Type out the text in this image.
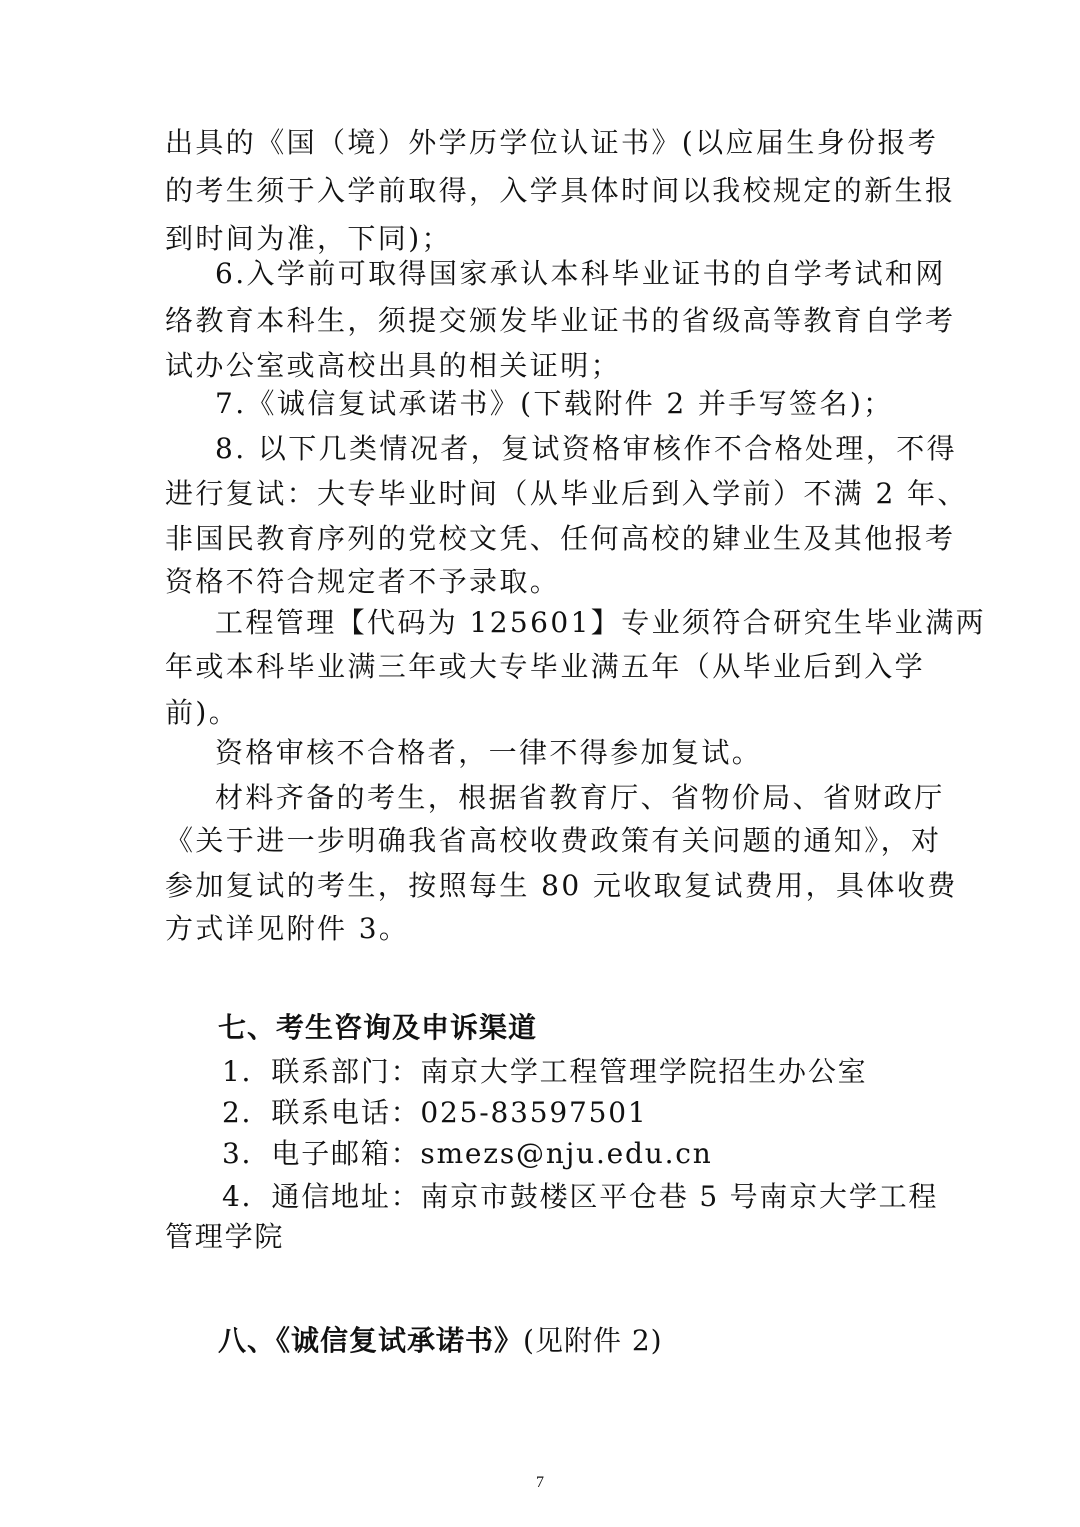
出具的《国（境）外学历学位认证书》(以应届生身份报考
的考生须于入学前取得，入学具体时间以我校规定的新生报
到时间为准，下同)；
6.入学前可取得国家承认本科毕业证书的自学考试和网
络教育本科生，须提交颁发毕业证书的省级高等教育自学考
试办公室或高校出具的相关证明；
7.《诚信复试承诺书》(下载附件 2 并手写签名)；
8. 以下几类情况者，复试资格审核作不合格处理，不得
进行复试：大专毕业时间（从毕业后到入学前）不满 2 年、
非国民教育序列的党校文凭、任何高校的肄业生及其他报考
资格不符合规定者不予录取。
工程管理【代码为 125601】专业须符合研究生毕业满两
年或本科毕业满三年或大专毕业满五年（从毕业后到入学
前)。
资格审核不合格者，一律不得参加复试。
材料齐备的考生，根据省教育厅、省物价局、省财政厅
《关于进一步明确我省高校收费政策有关问题的通知》，对
参加复试的考生，按照每生 80 元收取复试费用，具体收费
方式详见附件 3。
七、考生咨询及申诉渠道
1．联系部门：南京大学工程管理学院招生办公室
2．联系电话：025-83597501
3．电子邮箱：smezs@nju.edu.cn
4．通信地址：南京市鼓楼区平仓巷 5 号南京大学工程
管理学院
八、《诚信复试承诺书》(见附件 2)
7
